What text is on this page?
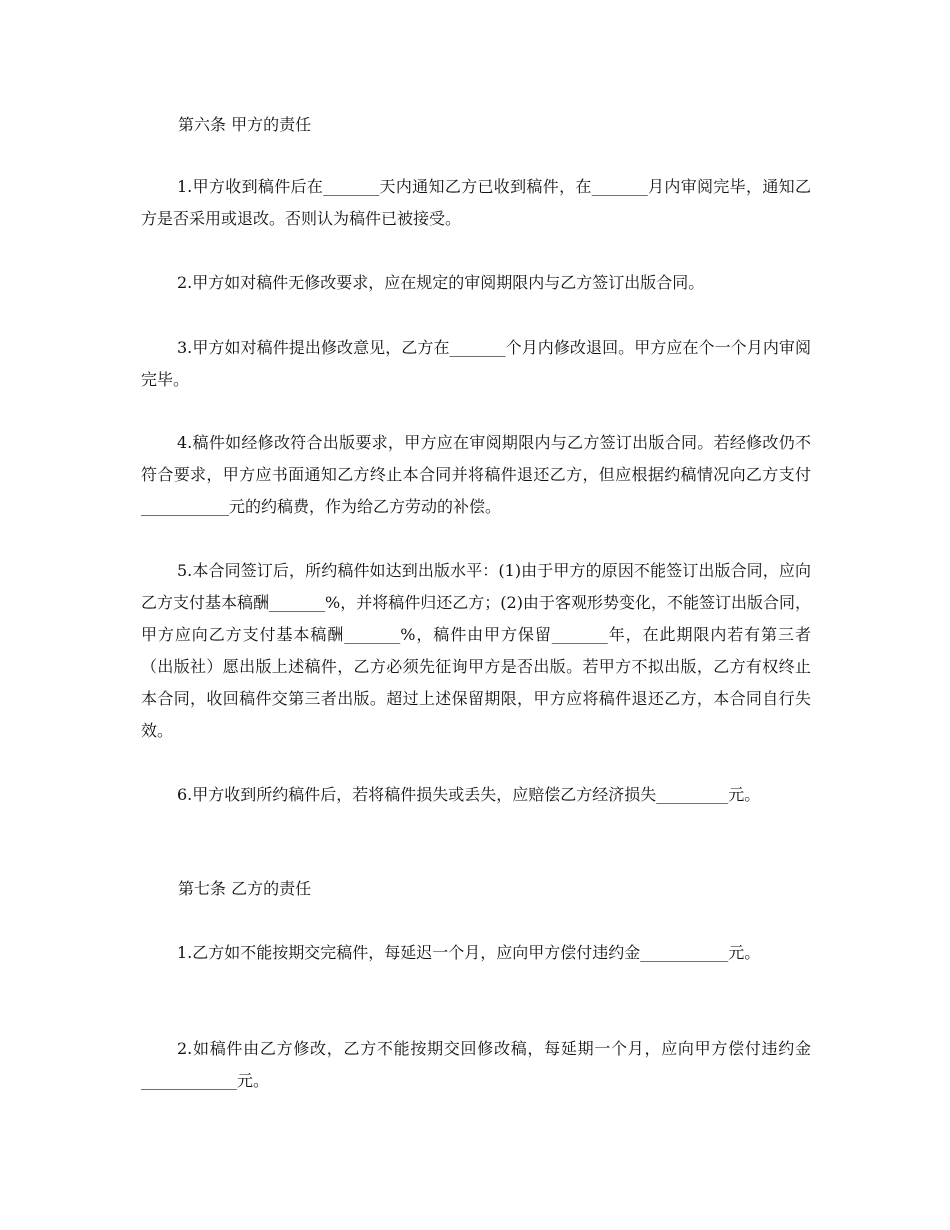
第六条 甲方的责任

1.甲方收到稿件后在_______天内通知乙方已收到稿件，在_______月内审阅完毕，通知乙方是否采用或退改。否则认为稿件已被接受。

2.甲方如对稿件无修改要求，应在规定的审阅期限内与乙方签订出版合同。

3.甲方如对稿件提出修改意见，乙方在_______个月内修改退回。甲方应在个一个月内审阅完毕。

4.稿件如经修改符合出版要求，甲方应在审阅期限内与乙方签订出版合同。若经修改仍不符合要求，甲方应书面通知乙方终止本合同并将稿件退还乙方，但应根据约稿情况向乙方支付___________元的约稿费，作为给乙方劳动的补偿。

5.本合同签订后，所约稿件如达到出版水平：(1)由于甲方的原因不能签订出版合同，应向乙方支付基本稿酬_______%，并将稿件归还乙方；(2)由于客观形势变化，不能签订出版合同，甲方应向乙方支付基本稿酬_______%，稿件由甲方保留_______年，在此期限内若有第三者（出版社）愿出版上述稿件，乙方必须先征询甲方是否出版。若甲方不拟出版，乙方有权终止本合同，收回稿件交第三者出版。超过上述保留期限，甲方应将稿件退还乙方，本合同自行失效。

6.甲方收到所约稿件后，若将稿件损失或丢失，应赔偿乙方经济损失_________元。

第七条 乙方的责任

1.乙方如不能按期交完稿件，每延迟一个月，应向甲方偿付违约金___________元。

2.如稿件由乙方修改，乙方不能按期交回修改稿，每延期一个月，应向甲方偿付违约金____________元。
